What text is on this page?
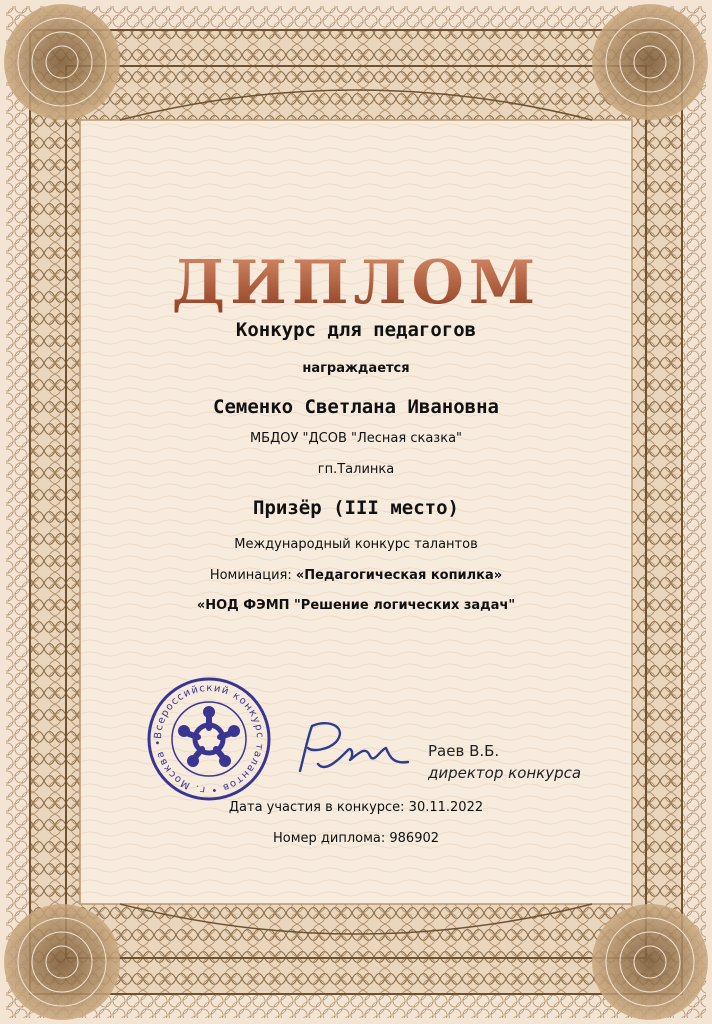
ДИПЛОМ
Конкурс для педагогов
награждается
Семенко Светлана Ивановна
МБДОУ "ДСОВ "Лесная сказка"
гп.Талинка
Призёр (III место)
Международный конкурс талантов
Номинация: «Педагогическая копилка»
«НОД ФЭМП "Решение логических задач"
Всероссийский конкурс талантов • г. Москва •	Раев В.Б.
директор конкурса
Дата участия в конкурсе: 30.11.2022
Номер диплома: 986902
